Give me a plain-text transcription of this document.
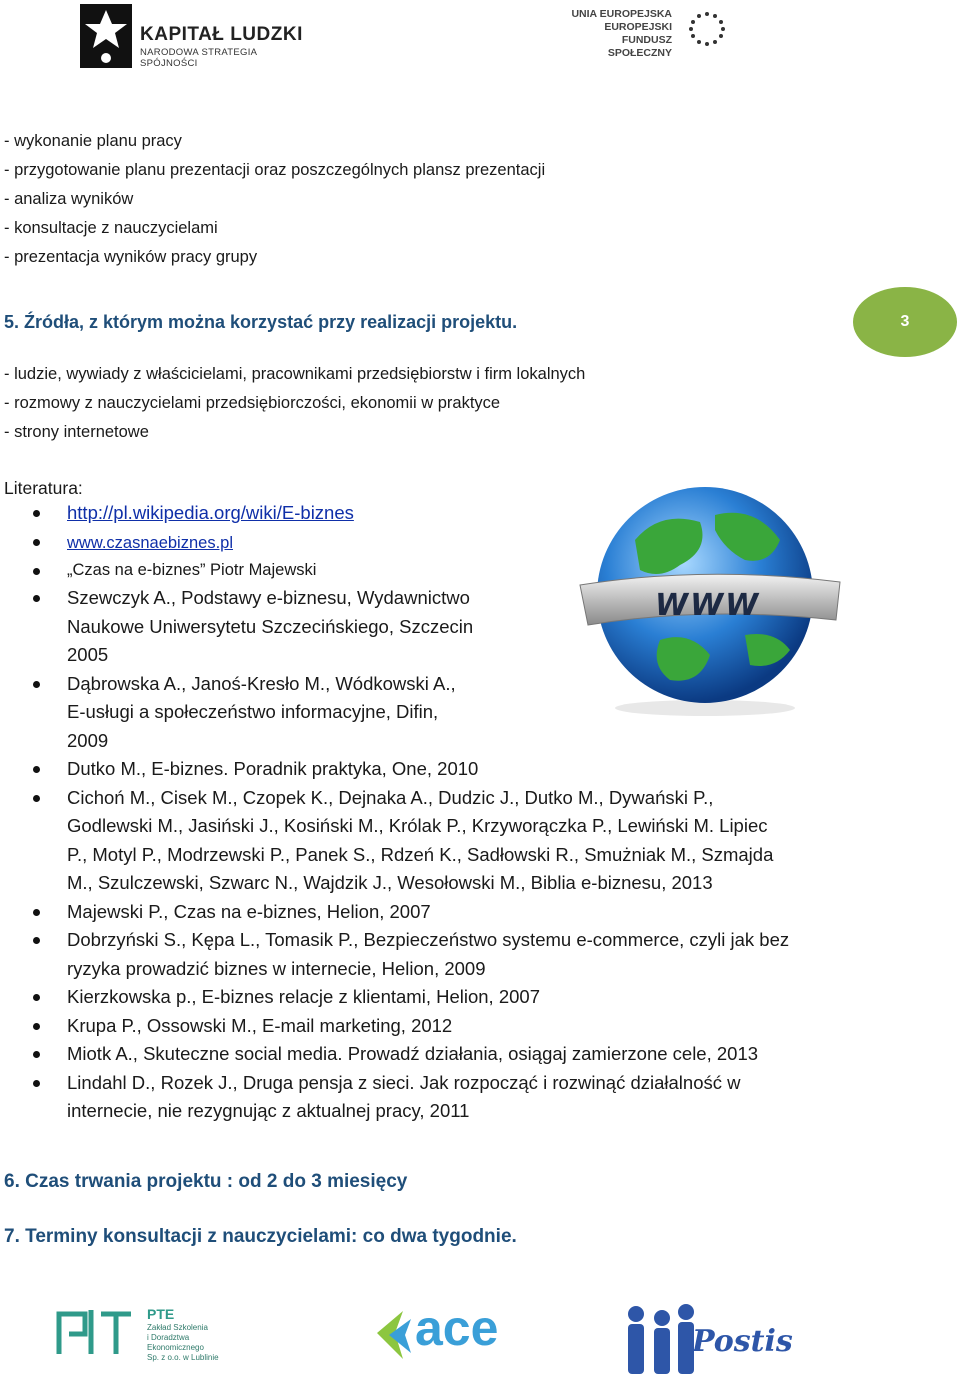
KAPITAŁ LUDZKI
NARODOWA STRATEGIA SPÓJNOŚCI
UNIA EUROPEJSKA
EUROPEJSKI
FUNDUSZ SPOŁECZNY
- wykonanie planu pracy
- przygotowanie planu prezentacji oraz poszczególnych plansz prezentacji
- analiza wyników
- konsultacje z nauczycielami
- prezentacja wyników pracy grupy
5. Źródła, z którym można korzystać przy realizacji projektu.	3
- ludzie, wywiady z właścicielami, pracownikami przedsiębiorstw i firm lokalnych
- rozmowy z nauczycielami przedsiębiorczości, ekonomii w praktyce
- strony internetowe
Literatura:
WWW
http://pl.wikipedia.org/wiki/E-biznes
www.czasnaebiznes.pl
„Czas na e-biznes” Piotr Majewski
Szewczyk A., Podstawy e-biznesu, Wydawnictwo
Naukowe Uniwersytetu Szczecińskiego, Szczecin
2005
Dąbrowska A., Janoś-Kresło M., Wódkowski A.,
E-usługi a społeczeństwo informacyjne, Difin,
2009
Dutko M., E-biznes. Poradnik praktyka, One, 2010
Cichoń M., Cisek M., Czopek K., Dejnaka A., Dudzic J., Dutko M., Dywański P.,
Godlewski M., Jasiński J., Kosiński M., Królak P., Krzyworączka P., Lewiński M. Lipiec
P., Motyl P., Modrzewski P., Panek S., Rdzeń K., Sadłowski R., Smużniak M., Szmajda
M., Szulczewski, Szwarc N., Wajdzik J., Wesołowski M., Biblia e-biznesu, 2013
Majewski P., Czas na e-biznes, Helion, 2007
Dobrzyński S., Kępa L., Tomasik P., Bezpieczeństwo systemu e-commerce, czyli jak bez
ryzyka prowadzić biznes w internecie, Helion, 2009
Kierzkowska p., E-biznes relacje z klientami, Helion, 2007
Krupa P., Ossowski M., E-mail marketing, 2012
Miotk A., Skuteczne social media. Prowadź działania, osiągaj zamierzone cele, 2013
Lindahl D., Rozek J., Druga pensja z sieci. Jak rozpocząć i rozwinąć działalność w
internecie, nie rezygnując z aktualnej pracy, 2011
6. Czas trwania projektu : od 2 do 3 miesięcy
7. Terminy konsultacji z nauczycielami: co dwa tygodnie.
PTE
Zakład Szkolenia
i Doradztwa Ekonomicznego
Sp. z o.o. w Lublinie
ace	Postis
